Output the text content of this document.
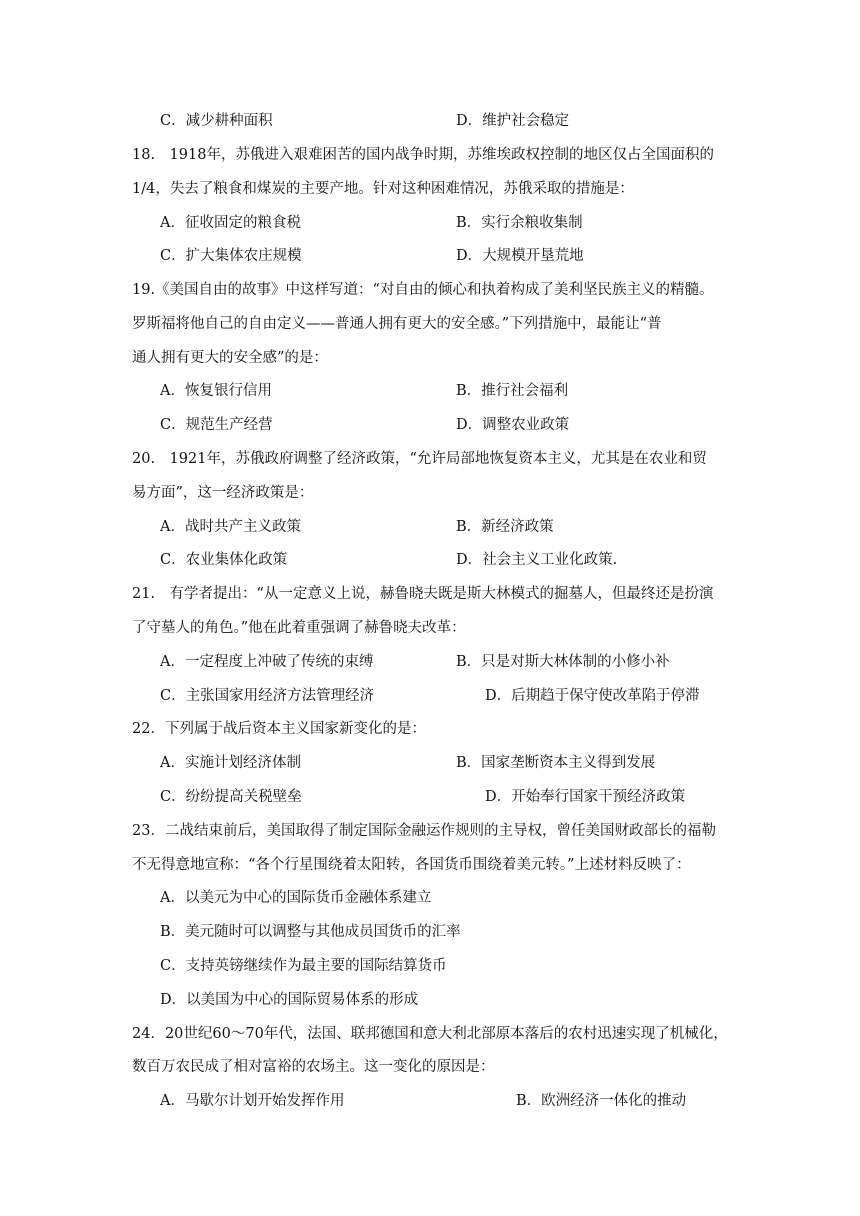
C．减少耕种面积	D．维护社会稳定
18.　1918年，苏俄进入艰难困苦的国内战争时期，苏维埃政权控制的地区仅占全国面积的
1/4，失去了粮食和煤炭的主要产地。针对这种困难情况，苏俄采取的措施是：
A．征收固定的粮食税	B．实行余粮收集制
C．扩大集体农庄规模	D．大规模开垦荒地
19.《美国自由的故事》中这样写道：“对自由的倾心和执着构成了美利坚民族主义的精髓。
罗斯福将他自己的自由定义——普通人拥有更大的安全感。”下列措施中，最能让“普
通人拥有更大的安全感”的是：
A．恢复银行信用	B．推行社会福利
C．规范生产经营	D．调整农业政策
20.　1921年，苏俄政府调整了经济政策，“允许局部地恢复资本主义，尤其是在农业和贸
易方面”，这一经济政策是：
A．战时共产主义政策	B．新经济政策
C．农业集体化政策	D．社会主义工业化政策.
21.　有学者提出：“从一定意义上说，赫鲁晓夫既是斯大林模式的掘墓人，但最终还是扮演
了守墓人的角色。”他在此着重强调了赫鲁晓夫改革：
A．一定程度上冲破了传统的束缚	B．只是对斯大林体制的小修小补
C．主张国家用经济方法管理经济	D．后期趋于保守使改革陷于停滞
22．下列属于战后资本主义国家新变化的是：
A．实施计划经济体制	B．国家垄断资本主义得到发展
C．纷纷提高关税壁垒	D．开始奉行国家干预经济政策
23．二战结束前后，美国取得了制定国际金融运作规则的主导权，曾任美国财政部长的福勒
不无得意地宣称：“各个行星围绕着太阳转，各国货币围绕着美元转。”上述材料反映了：
A．以美元为中心的国际货币金融体系建立
B．美元随时可以调整与其他成员国货币的汇率
C．支持英镑继续作为最主要的国际结算货币
D．以美国为中心的国际贸易体系的形成
24．20世纪60～70年代，法国、联邦德国和意大利北部原本落后的农村迅速实现了机械化，
数百万农民成了相对富裕的农场主。这一变化的原因是：
A．马歇尔计划开始发挥作用	B．欧洲经济一体化的推动
